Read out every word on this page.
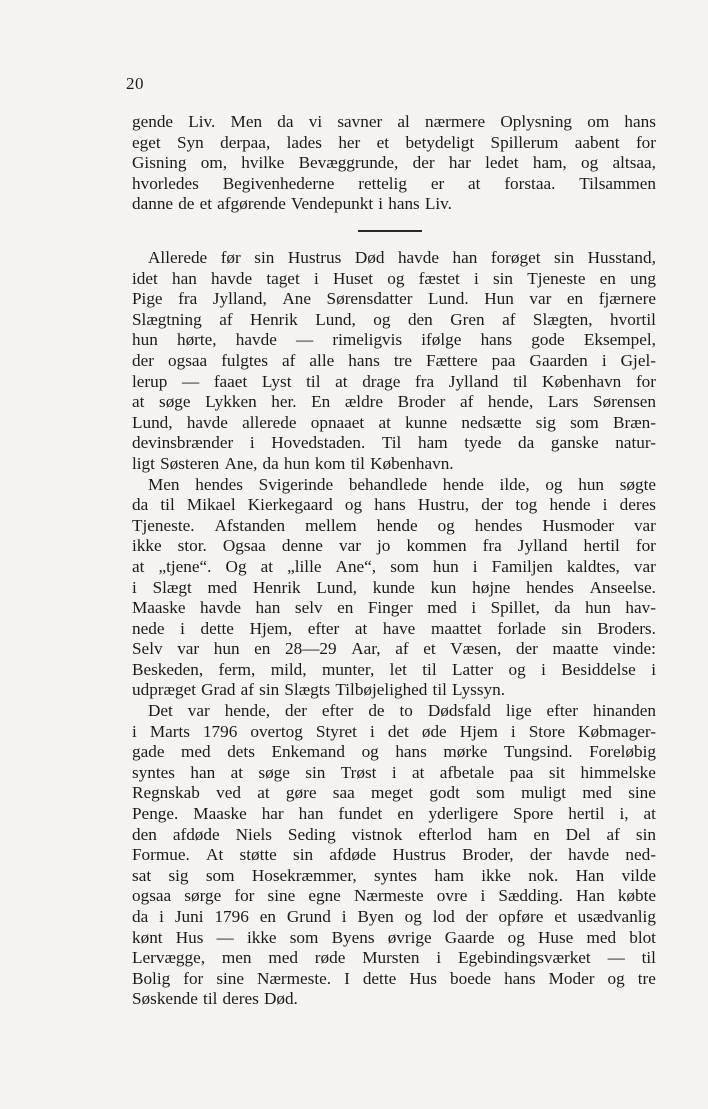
20
gende Liv. Men da vi savner al nærmere Oplysning om hans
eget Syn derpaa, lades her et betydeligt Spillerum aabent for
Gisning om, hvilke Bevæggrunde, der har ledet ham, og altsaa,
hvorledes Begivenhederne rettelig er at forstaa. Tilsammen
danne de et afgørende Vendepunkt i hans Liv.
Allerede før sin Hustrus Død havde han forøget sin Husstand,
idet han havde taget i Huset og fæstet i sin Tjeneste en ung
Pige fra Jylland, Ane Sørensdatter Lund. Hun var en fjærnere
Slægtning af Henrik Lund, og den Gren af Slægten, hvortil
hun hørte, havde — rimeligvis ifølge hans gode Eksempel,
der ogsaa fulgtes af alle hans tre Fættere paa Gaarden i Gjel-
lerup — faaet Lyst til at drage fra Jylland til København for
at søge Lykken her. En ældre Broder af hende, Lars Sørensen
Lund, havde allerede opnaaet at kunne nedsætte sig som Bræn-
devinsbrænder i Hovedstaden. Til ham tyede da ganske natur-
ligt Søsteren Ane, da hun kom til København.
Men hendes Svigerinde behandlede hende ilde, og hun søgte
da til Mikael Kierkegaard og hans Hustru, der tog hende i deres
Tjeneste. Afstanden mellem hende og hendes Husmoder var
ikke stor. Ogsaa denne var jo kommen fra Jylland hertil for
at „tjene“. Og at „lille Ane“, som hun i Familjen kaldtes, var
i Slægt med Henrik Lund, kunde kun højne hendes Anseelse.
Maaske havde han selv en Finger med i Spillet, da hun hav-
nede i dette Hjem, efter at have maattet forlade sin Broders.
Selv var hun en 28—29 Aar, af et Væsen, der maatte vinde:
Beskeden, ferm, mild, munter, let til Latter og i Besiddelse i
udpræget Grad af sin Slægts Tilbøjelighed til Lyssyn.
Det var hende, der efter de to Dødsfald lige efter hinanden
i Marts 1796 overtog Styret i det øde Hjem i Store Købmager-
gade med dets Enkemand og hans mørke Tungsind. Foreløbig
syntes han at søge sin Trøst i at afbetale paa sit himmelske
Regnskab ved at gøre saa meget godt som muligt med sine
Penge. Maaske har han fundet en yderligere Spore hertil i, at
den afdøde Niels Seding vistnok efterlod ham en Del af sin
Formue. At støtte sin afdøde Hustrus Broder, der havde ned-
sat sig som Hosekræmmer, syntes ham ikke nok. Han vilde
ogsaa sørge for sine egne Nærmeste ovre i Sædding. Han købte
da i Juni 1796 en Grund i Byen og lod der opføre et usædvanlig
kønt Hus — ikke som Byens øvrige Gaarde og Huse med blot
Lervægge, men med røde Mursten i Egebindingsværket — til
Bolig for sine Nærmeste. I dette Hus boede hans Moder og tre
Søskende til deres Død.
